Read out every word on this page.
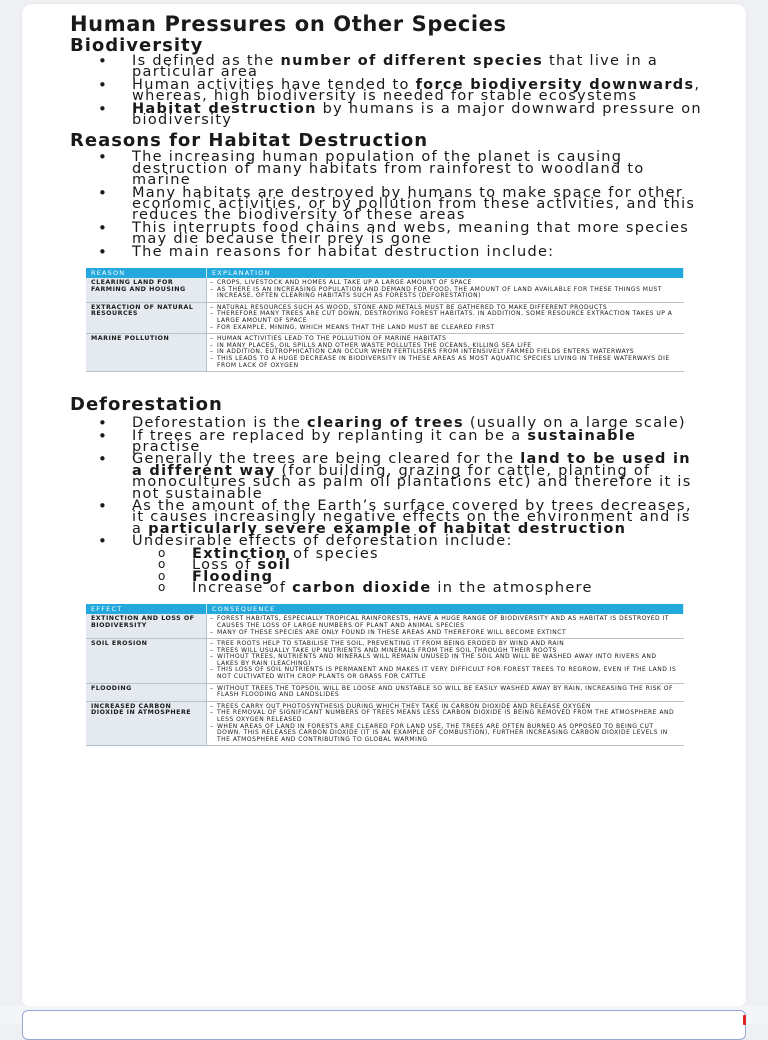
Human Pressures on Other Species
Biodiversity
• Is defined as the number of different species that live in a particular area
• Human activities have tended to force biodiversity downwards, whereas, high biodiversity is needed for stable ecosystems
• Habitat destruction by humans is a major downward pressure on biodiversity
Reasons for Habitat Destruction
• The increasing human population of the planet is causing destruction of many habitats from rainforest to woodland to marine
• Many habitats are destroyed by humans to make space for other economic activities, or by pollution from these activities, and this reduces the biodiversity of these areas
• This interrupts food chains and webs, meaning that more species may die because their prey is gone
• The main reasons for habitat destruction include:
REASON	EXPLANATION
CLEARING LAND FOR FARMING AND HOUSING	– CROPS, LIVESTOCK AND HOMES ALL TAKE UP A LARGE AMOUNT OF SPACE
– AS THERE IS AN INCREASING POPULATION AND DEMAND FOR FOOD, THE AMOUNT OF LAND AVAILABLE FOR THESE THINGS MUST INCREASE, OFTEN CLEARING HABITATS SUCH AS FORESTS (DEFORESTATION)

EXTRACTION OF NATURAL RESOURCES	– NATURAL RESOURCES SUCH AS WOOD, STONE AND METALS MUST BE GATHERED TO MAKE DIFFERENT PRODUCTS
– THEREFORE MANY TREES ARE CUT DOWN, DESTROYING FOREST HABITATS. IN ADDITION, SOME RESOURCE EXTRACTION TAKES UP A LARGE AMOUNT OF SPACE
– FOR EXAMPLE, MINING, WHICH MEANS THAT THE LAND MUST BE CLEARED FIRST

MARINE POLLUTION	– HUMAN ACTIVITIES LEAD TO THE POLLUTION OF MARINE HABITATS
– IN MANY PLACES, OIL SPILLS AND OTHER WASTE POLLUTES THE OCEANS, KILLING SEA LIFE
– IN ADDITION, EUTROPHICATION CAN OCCUR WHEN FERTILISERS FROM INTENSIVELY FARMED FIELDS ENTERS WATERWAYS
– THIS LEADS TO A HUGE DECREASE IN BIODIVERSITY IN THESE AREAS AS MOST AQUATIC SPECIES LIVING IN THESE WATERWAYS DIE FROM LACK OF OXYGEN
Deforestation
• Deforestation is the clearing of trees (usually on a large scale)
• If trees are replaced by replanting it can be a sustainable practise
• Generally the trees are being cleared for the land to be used in a different way (for building, grazing for cattle, planting of monocultures such as palm oil plantations etc) and therefore it is not sustainable
• As the amount of the Earth’s surface covered by trees decreases, it causes increasingly negative effects on the environment and is a particularly severe example of habitat destruction
• Undesirable effects of deforestation include:
o Extinction of species
o Loss of soil
o Flooding
o Increase of carbon dioxide in the atmosphere
EFFECT	CONSEQUENCE
EXTINCTION AND LOSS OF BIODIVERSITY	– FOREST HABITATS, ESPECIALLY TROPICAL RAINFORESTS, HAVE A HUGE RANGE OF BIODIVERSITY AND AS HABITAT IS DESTROYED IT CAUSES THE LOSS OF LARGE NUMBERS OF PLANT AND ANIMAL SPECIES
– MANY OF THESE SPECIES ARE ONLY FOUND IN THESE AREAS AND THEREFORE WILL BECOME EXTINCT

SOIL EROSION	– TREE ROOTS HELP TO STABILISE THE SOIL, PREVENTING IT FROM BEING ERODED BY WIND AND RAIN
– TREES WILL USUALLY TAKE UP NUTRIENTS AND MINERALS FROM THE SOIL THROUGH THEIR ROOTS
– WITHOUT TREES, NUTRIENTS AND MINERALS WILL REMAIN UNUSED IN THE SOIL AND WILL BE WASHED AWAY INTO RIVERS AND LAKES BY RAIN (LEACHING)
– THIS LOSS OF SOIL NUTRIENTS IS PERMANENT AND MAKES IT VERY DIFFICULT FOR FOREST TREES TO REGROW, EVEN IF THE LAND IS NOT CULTIVATED WITH CROP PLANTS OR GRASS FOR CATTLE

FLOODING	– WITHOUT TREES THE TOPSOIL WILL BE LOOSE AND UNSTABLE SO WILL BE EASILY WASHED AWAY BY RAIN, INCREASING THE RISK OF FLASH FLOODING AND LANDSLIDES

INCREASED CARBON DIOXIDE IN ATMOSPHERE	– TREES CARRY OUT PHOTOSYNTHESIS DURING WHICH THEY TAKE IN CARBON DIOXIDE AND RELEASE OXYGEN
– THE REMOVAL OF SIGNIFICANT NUMBERS OF TREES MEANS LESS CARBON DIOXIDE IS BEING REMOVED FROM THE ATMOSPHERE AND LESS OXYGEN RELEASED
– WHEN AREAS OF LAND IN FORESTS ARE CLEARED FOR LAND USE, THE TREES ARE OFTEN BURNED AS OPPOSED TO BEING CUT DOWN. THIS RELEASES CARBON DIOXIDE (IT IS AN EXAMPLE OF COMBUSTION), FURTHER INCREASING CARBON DIOXIDE LEVELS IN THE ATMOSPHERE AND CONTRIBUTING TO GLOBAL WARMING
